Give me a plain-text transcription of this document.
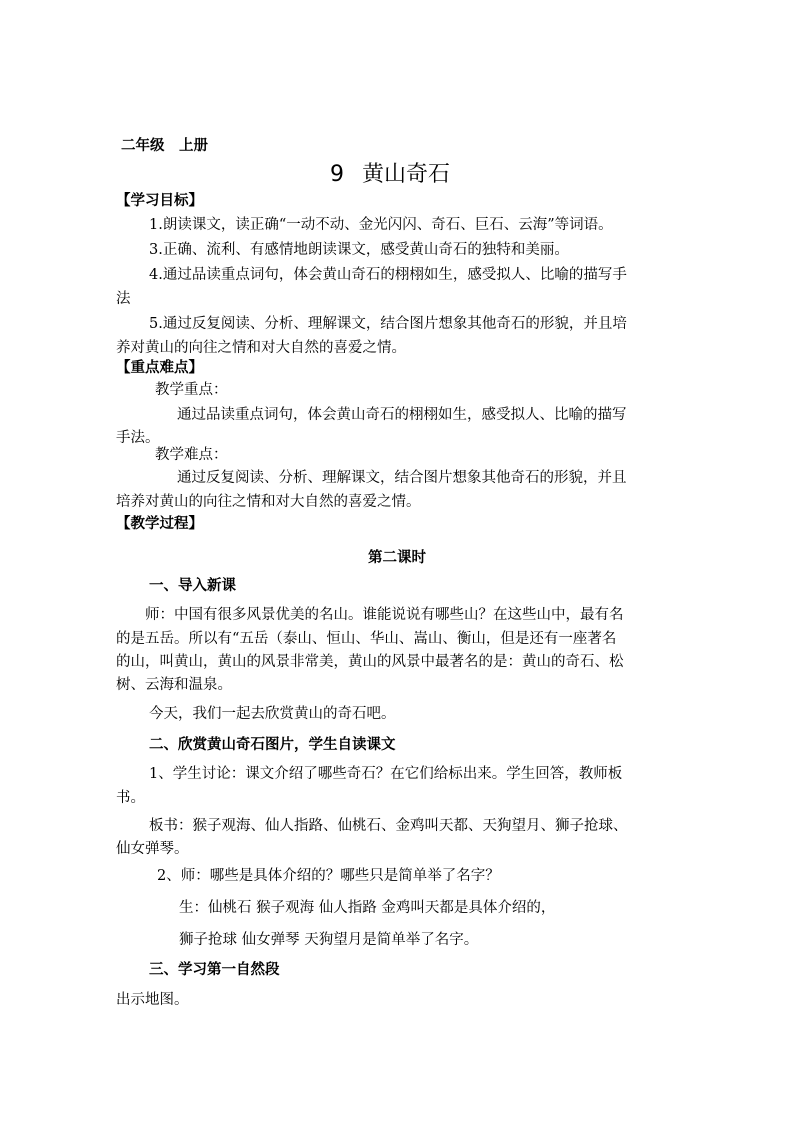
二年级　上册
9 黄山奇石
【学习目标】
1.朗读课文，读正确“一动不动、金光闪闪、奇石、巨石、云海”等词语。
3.正确、流利、有感情地朗读课文，感受黄山奇石的独特和美丽。
4.通过品读重点词句，体会黄山奇石的栩栩如生，感受拟人、比喻的描写手
法
5.通过反复阅读、分析、理解课文，结合图片想象其他奇石的形貌，并且培
养对黄山的向往之情和对大自然的喜爱之情。
【重点难点】
教学重点：
通过品读重点词句，体会黄山奇石的栩栩如生，感受拟人、比喻的描写
手法。
教学难点：
通过反复阅读、分析、理解课文，结合图片想象其他奇石的形貌，并且
培养对黄山的向往之情和对大自然的喜爱之情。
【教学过程】
第二课时
一、导入新课
师：中国有很多风景优美的名山。谁能说说有哪些山？在这些山中，最有名
的是五岳。所以有“五岳（泰山、恒山、华山、嵩山、衡山，但是还有一座著名
的山，叫黄山，黄山的风景非常美，黄山的风景中最著名的是：黄山的奇石、松
树、云海和温泉。
今天，我们一起去欣赏黄山的奇石吧。
二、欣赏黄山奇石图片，学生自读课文
1、学生讨论：课文介绍了哪些奇石？在它们给标出来。学生回答，教师板
书。
板书：猴子观海、仙人指路、仙桃石、金鸡叫天都、天狗望月、狮子抢球、
仙女弹琴。
2、师：哪些是具体介绍的？哪些只是简单举了名字？
生：仙桃石 猴子观海 仙人指路 金鸡叫天都是具体介绍的，
狮子抢球 仙女弹琴 天狗望月是简单举了名字。
三、学习第一自然段
出示地图。
